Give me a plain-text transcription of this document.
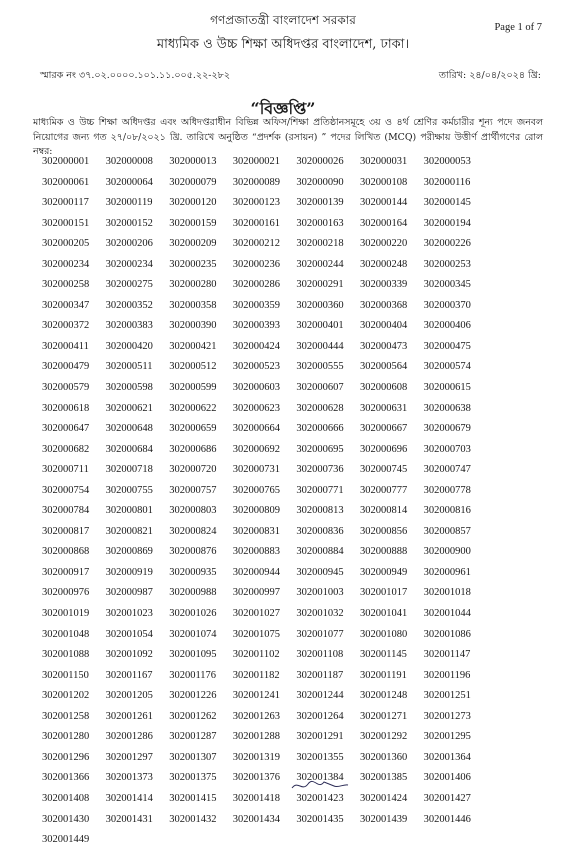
গণপ্রজাতন্ত্রী বাংলাদেশ সরকার
Page 1 of 7
মাধ্যমিক ও উচ্চ শিক্ষা অধিদপ্তর বাংলাদেশ, ঢাকা।
স্মারক নং ৩৭.০২.০০০০.১০১.১১.০০৫.২২-২৮২	তারিখ: ২৪/০৪/২০২৪ খ্রি:
“বিজ্ঞপ্তি”
মাধ্যমিক ও উচ্চ শিক্ষা অধিদপ্তর এবং অধিদপ্তরাধীন বিভিন্ন অফিস/শিক্ষা প্রতিষ্ঠানসমূহে ৩য় ও ৪র্থ শ্রেণির কর্মচারীর শূন্য পদে জনবল নিয়োগের জন্য গত ২৭/০৮/২০২১ খ্রি. তারিখে অনুষ্ঠিত “প্রদর্শক (রসায়ন) ” পদের লিখিত (MCQ) পরীক্ষায় উত্তীর্ণ প্রার্থীগণের রোল নম্বর:
302000001	302000008	302000013	302000021	302000026	302000031	302000053
302000061	302000064	302000079	302000089	302000090	302000108	302000116
302000117	302000119	302000120	302000123	302000139	302000144	302000145
302000151	302000152	302000159	302000161	302000163	302000164	302000194
302000205	302000206	302000209	302000212	302000218	302000220	302000226
302000234	302000234	302000235	302000236	302000244	302000248	302000253
302000258	302000275	302000280	302000286	302000291	302000339	302000345
302000347	302000352	302000358	302000359	302000360	302000368	302000370
302000372	302000383	302000390	302000393	302000401	302000404	302000406
302000411	302000420	302000421	302000424	302000444	302000473	302000475
302000479	302000511	302000512	302000523	302000555	302000564	302000574
302000579	302000598	302000599	302000603	302000607	302000608	302000615
302000618	302000621	302000622	302000623	302000628	302000631	302000638
302000647	302000648	302000659	302000664	302000666	302000667	302000679
302000682	302000684	302000686	302000692	302000695	302000696	302000703
302000711	302000718	302000720	302000731	302000736	302000745	302000747
302000754	302000755	302000757	302000765	302000771	302000777	302000778
302000784	302000801	302000803	302000809	302000813	302000814	302000816
302000817	302000821	302000824	302000831	302000836	302000856	302000857
302000868	302000869	302000876	302000883	302000884	302000888	302000900
302000917	302000919	302000935	302000944	302000945	302000949	302000961
302000976	302000987	302000988	302000997	302001003	302001017	302001018
302001019	302001023	302001026	302001027	302001032	302001041	302001044
302001048	302001054	302001074	302001075	302001077	302001080	302001086
302001088	302001092	302001095	302001102	302001108	302001145	302001147
302001150	302001167	302001176	302001182	302001187	302001191	302001196
302001202	302001205	302001226	302001241	302001244	302001248	302001251
302001258	302001261	302001262	302001263	302001264	302001271	302001273
302001280	302001286	302001287	302001288	302001291	302001292	302001295
302001296	302001297	302001307	302001319	302001355	302001360	302001364
302001366	302001373	302001375	302001376	302001384	302001385	302001406
302001408	302001414	302001415	302001418	302001423	302001424	302001427
302001430	302001431	302001432	302001434	302001435	302001439	302001446
302001449
